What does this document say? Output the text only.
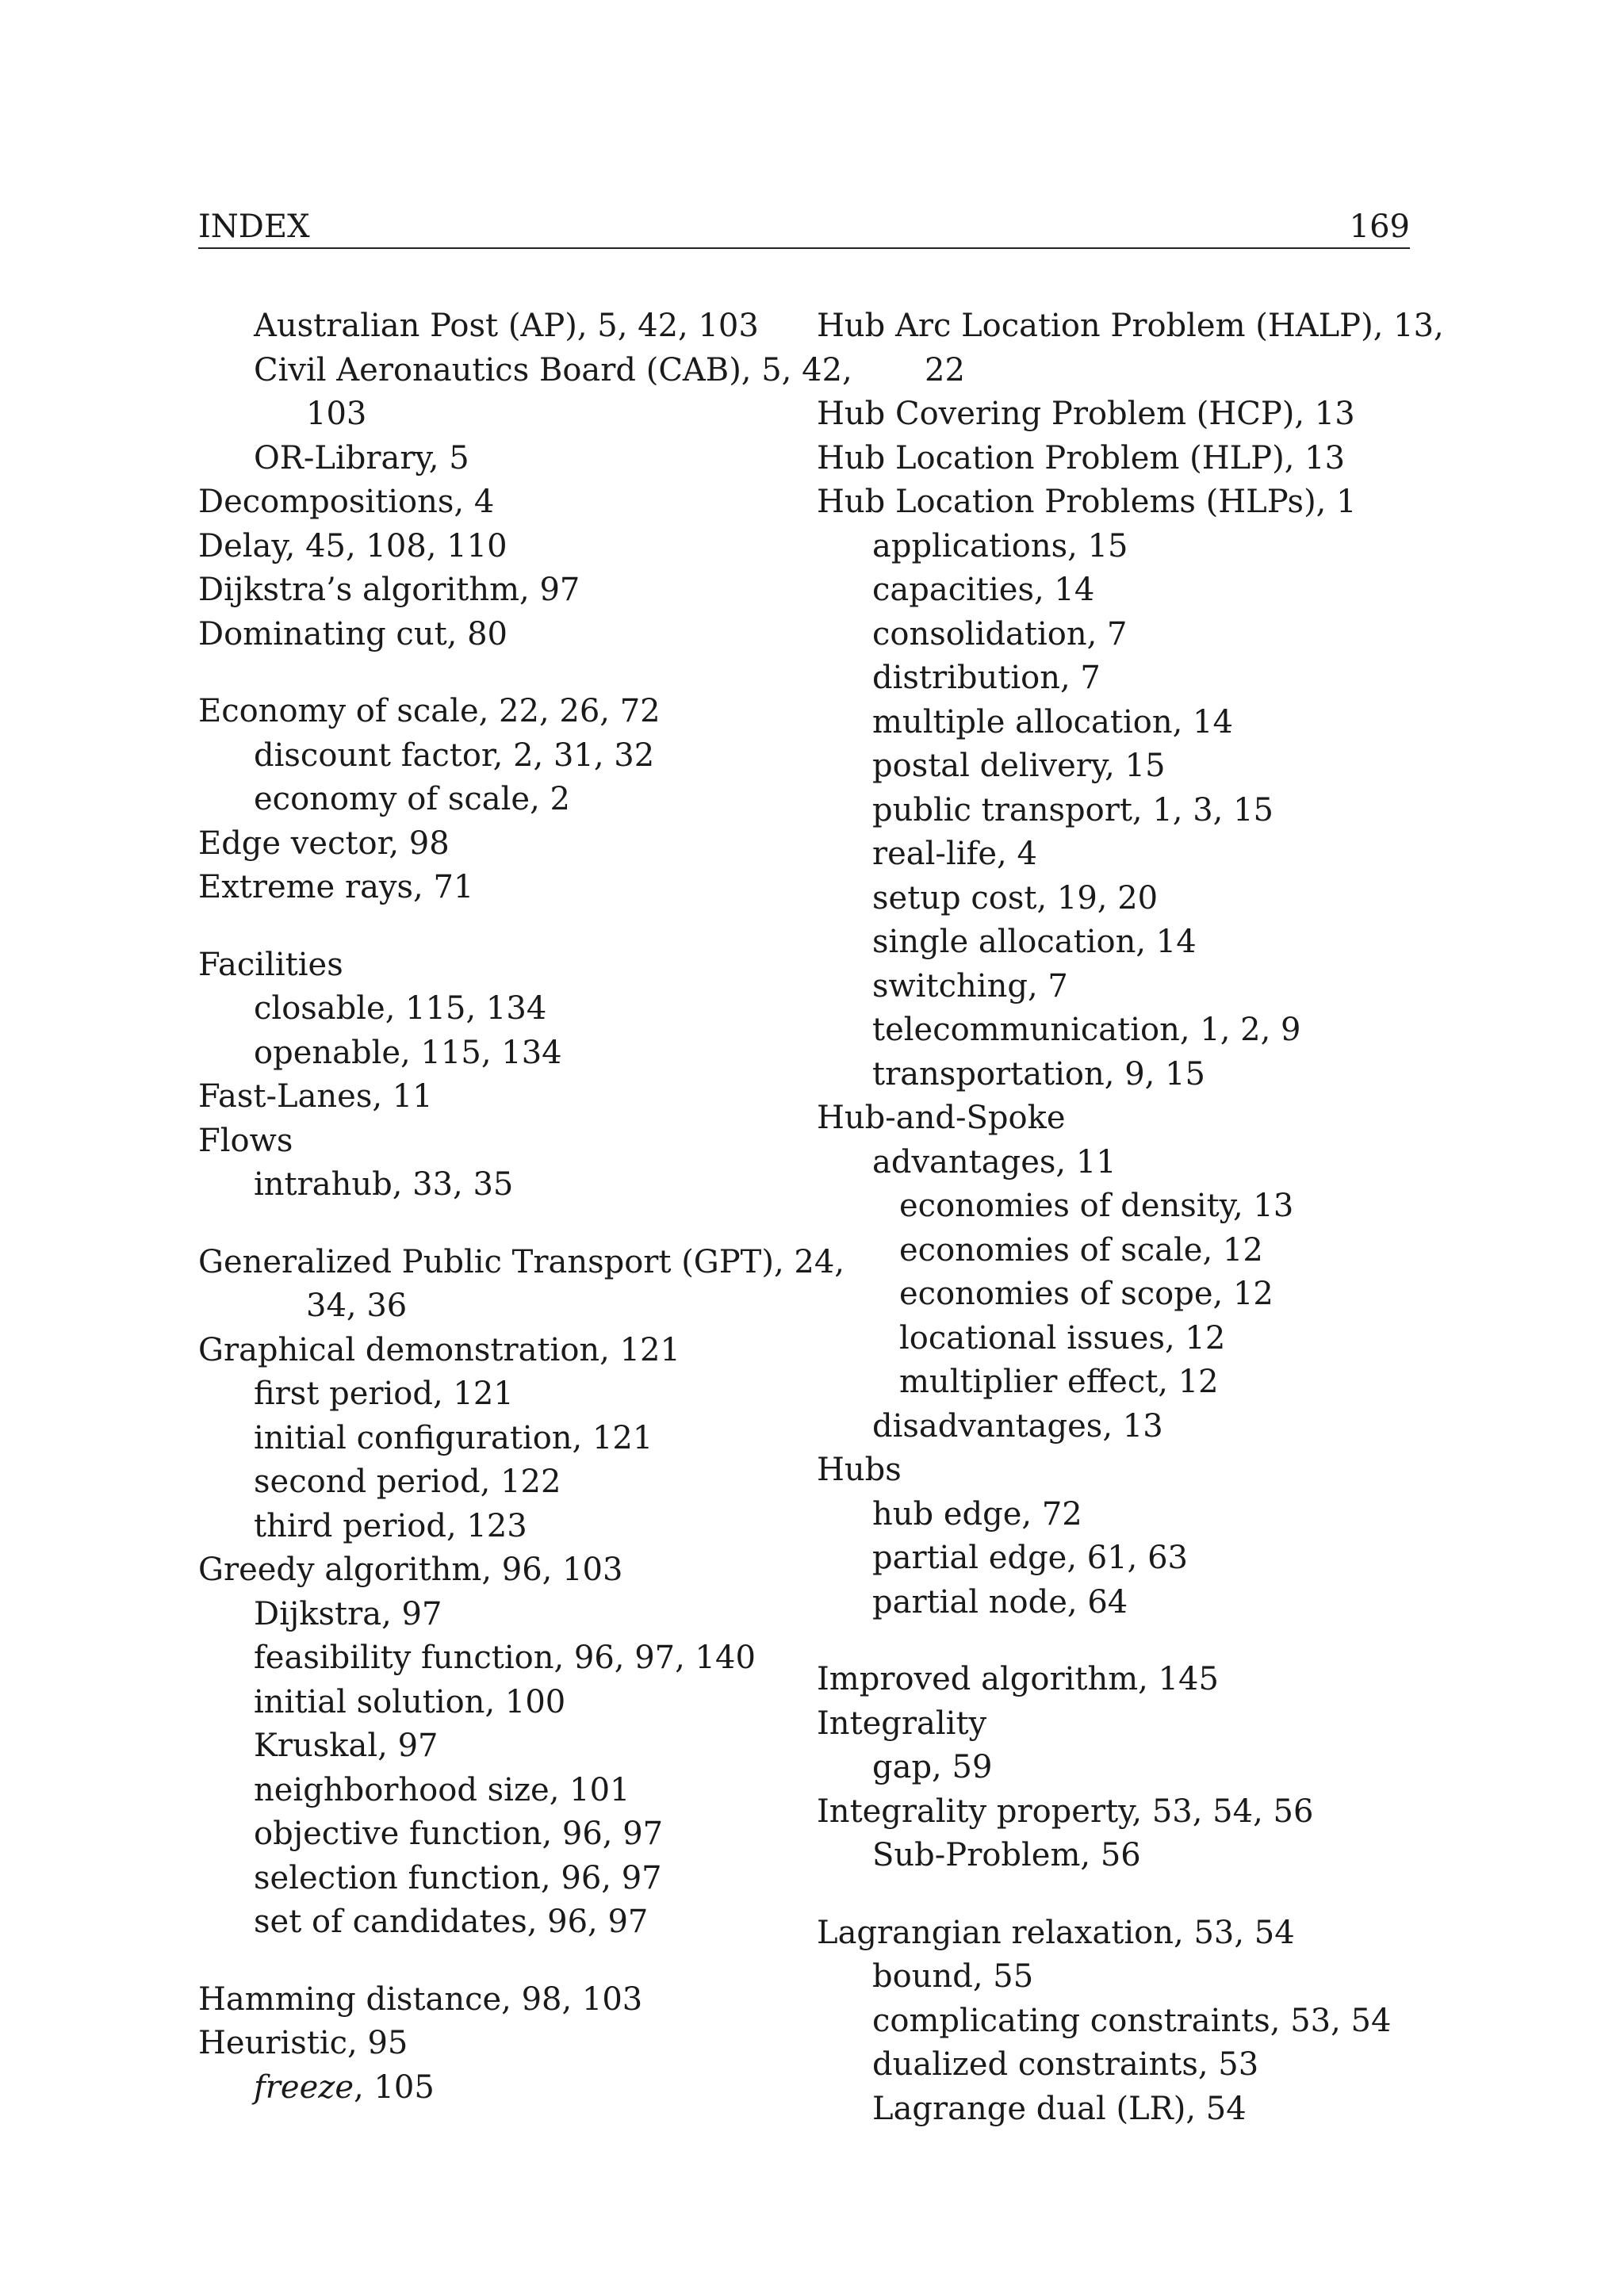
INDEX	169
Australian Post (AP), 5, 42, 103
Civil Aeronautics Board (CAB), 5, 42,
103
OR-Library, 5
Decompositions, 4
Delay, 45, 108, 110
Dijkstra’s algorithm, 97
Dominating cut, 80
Economy of scale, 22, 26, 72
discount factor, 2, 31, 32
economy of scale, 2
Edge vector, 98
Extreme rays, 71
Facilities
closable, 115, 134
openable, 115, 134
Fast-Lanes, 11
Flows
intrahub, 33, 35
Generalized Public Transport (GPT), 24,
34, 36
Graphical demonstration, 121
first period, 121
initial configuration, 121
second period, 122
third period, 123
Greedy algorithm, 96, 103
Dijkstra, 97
feasibility function, 96, 97, 140
initial solution, 100
Kruskal, 97
neighborhood size, 101
objective function, 96, 97
selection function, 96, 97
set of candidates, 96, 97
Hamming distance, 98, 103
Heuristic, 95
freeze, 105
Hub Arc Location Problem (HALP), 13,
22
Hub Covering Problem (HCP), 13
Hub Location Problem (HLP), 13
Hub Location Problems (HLPs), 1
applications, 15
capacities, 14
consolidation, 7
distribution, 7
multiple allocation, 14
postal delivery, 15
public transport, 1, 3, 15
real-life, 4
setup cost, 19, 20
single allocation, 14
switching, 7
telecommunication, 1, 2, 9
transportation, 9, 15
Hub-and-Spoke
advantages, 11
economies of density, 13
economies of scale, 12
economies of scope, 12
locational issues, 12
multiplier effect, 12
disadvantages, 13
Hubs
hub edge, 72
partial edge, 61, 63
partial node, 64
Improved algorithm, 145
Integrality
gap, 59
Integrality property, 53, 54, 56
Sub-Problem, 56
Lagrangian relaxation, 53, 54
bound, 55
complicating constraints, 53, 54
dualized constraints, 53
Lagrange dual (LR), 54
